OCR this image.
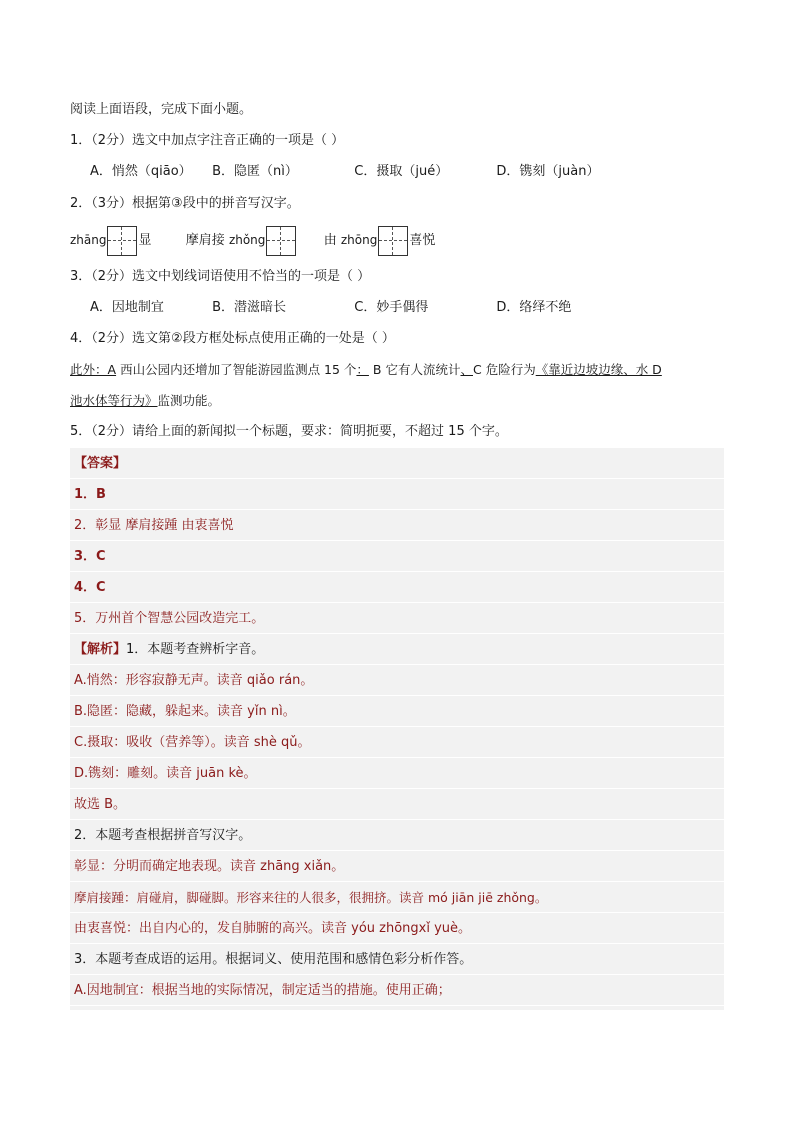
阅读上面语段，完成下面小题。
1．（2分）选文中加点字注音正确的一项是（ ）
A．悄然（qiāo） B．隐匿（nì）	C．摄取（jué）	D．镌刻（juàn）
2．（3分）根据第③段中的拼音写汉字。
zhāng 显	摩肩接 zhǒng	由 zhōng 喜悦
3．（2分）选文中划线词语使用不恰当的一项是（ ）
A．因地制宜	B．潜滋暗长	C．妙手偶得	D．络绎不绝
4．（2分）选文第②段方框处标点使用正确的一处是（ ）
此外：A 西山公园内还增加了智能游园监测点 15 个： B 它有人流统计、C 危险行为《靠近边坡边缘、水 D
池水体等行为》监测功能。
5．（2分）请给上面的新闻拟一个标题，要求：简明扼要，不超过 15 个字。
【答案】
1．B
2．彰显 摩肩接踵 由衷喜悦
3．C
4．C
5．万州首个智慧公园改造完工。
【解析】1．本题考查辨析字音。
A.悄然：形容寂静无声。读音 qiǎo rán。
B.隐匿：隐藏，躲起来。读音 yǐn nì。
C.摄取：吸收（营养等）。读音 shè qǔ。
D.镌刻：雕刻。读音 juān kè。
故选 B。
2．本题考查根据拼音写汉字。
彰显：分明而确定地表现。读音 zhāng xiǎn。
摩肩接踵：肩碰肩，脚碰脚。形容来往的人很多，很拥挤。读音 mó jiān jiē zhǒng。
由衷喜悦：出自内心的，发自肺腑的高兴。读音 yóu zhōngxǐ yuè。
3．本题考查成语的运用。根据词义、使用范围和感情色彩分析作答。
A.因地制宜：根据当地的实际情况，制定适当的措施。使用正确；
